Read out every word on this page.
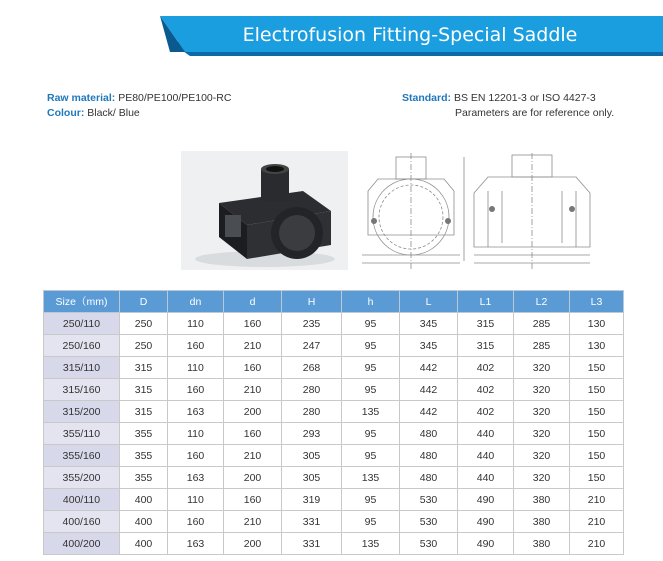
Electrofusion Fitting-Special Saddle
Raw material: PE80/PE100/PE100-RC
Colour: Black/ Blue
Standard: BS EN 12201-3 or ISO 4427-3
Parameters are for reference only.
Size（mm)	D	dn	d	H	h	L	L1	L2	L3
250/110	250	110	160	235	95	345	315	285	130
250/160	250	160	210	247	95	345	315	285	130
315/110	315	110	160	268	95	442	402	320	150
315/160	315	160	210	280	95	442	402	320	150
315/200	315	163	200	280	135	442	402	320	150
355/110	355	110	160	293	95	480	440	320	150
355/160	355	160	210	305	95	480	440	320	150
355/200	355	163	200	305	135	480	440	320	150
400/110	400	110	160	319	95	530	490	380	210
400/160	400	160	210	331	95	530	490	380	210
400/200	400	163	200	331	135	530	490	380	210
